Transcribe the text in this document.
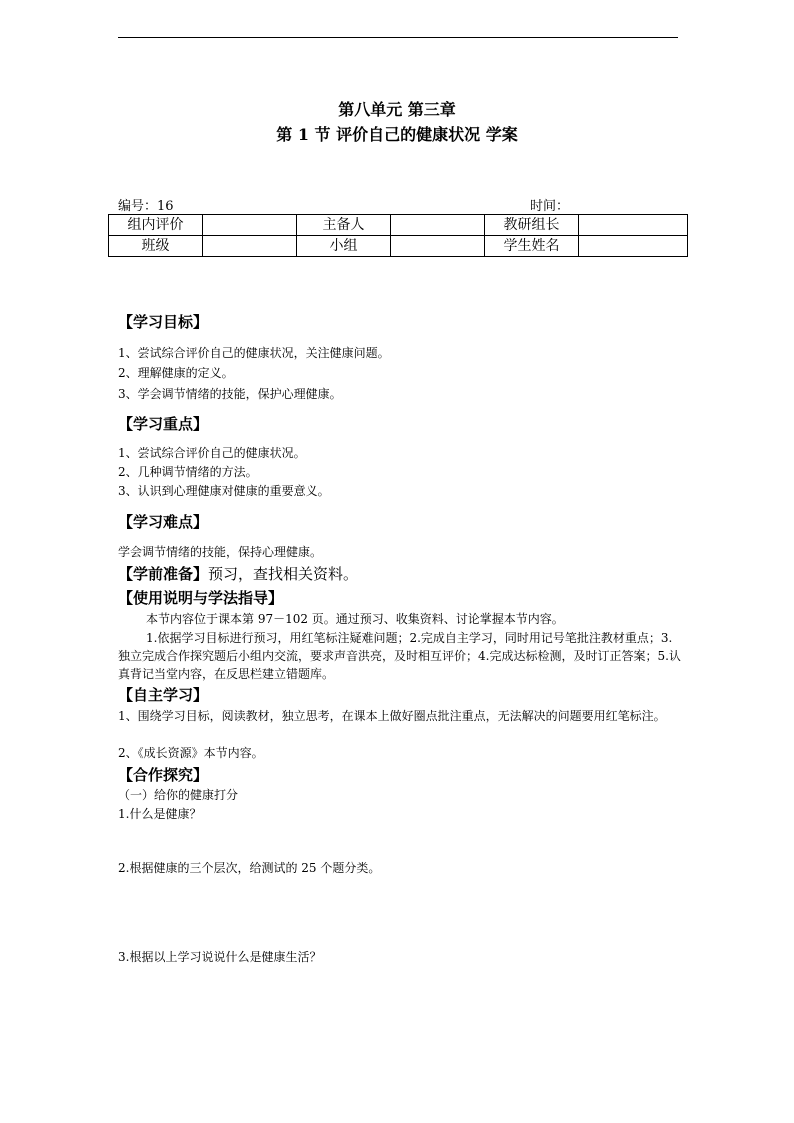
第八单元 第三章
第 1 节 评价自己的健康状况 学案
编号：16	时间：
组内评价		主备人		教研组长	
班级		小组		学生姓名	
【学习目标】
1、尝试综合评价自己的健康状况，关注健康问题。
2、理解健康的定义。
3、学会调节情绪的技能，保护心理健康。
【学习重点】
1、尝试综合评价自己的健康状况。
2、几种调节情绪的方法。
3、认识到心理健康对健康的重要意义。
【学习难点】
学会调节情绪的技能，保持心理健康。
【学前准备】预习，查找相关资料。
【使用说明与学法指导】
本节内容位于课本第 97－102 页。通过预习、收集资料、讨论掌握本节内容。
1.依据学习目标进行预习，用红笔标注疑难问题；2.完成自主学习，同时用记号笔批注教材重点；3.独立完成合作探究题后小组内交流，要求声音洪亮，及时相互评价；4.完成达标检测，及时订正答案；5.认真背记当堂内容，在反思栏建立错题库。
【自主学习】
1、围绕学习目标，阅读教材，独立思考，在课本上做好圈点批注重点，无法解决的问题要用红笔标注。
2、《成长资源》本节内容。
【合作探究】
（一）给你的健康打分
1.什么是健康？
2.根据健康的三个层次，给测试的 25 个题分类。
3.根据以上学习说说什么是健康生活？
